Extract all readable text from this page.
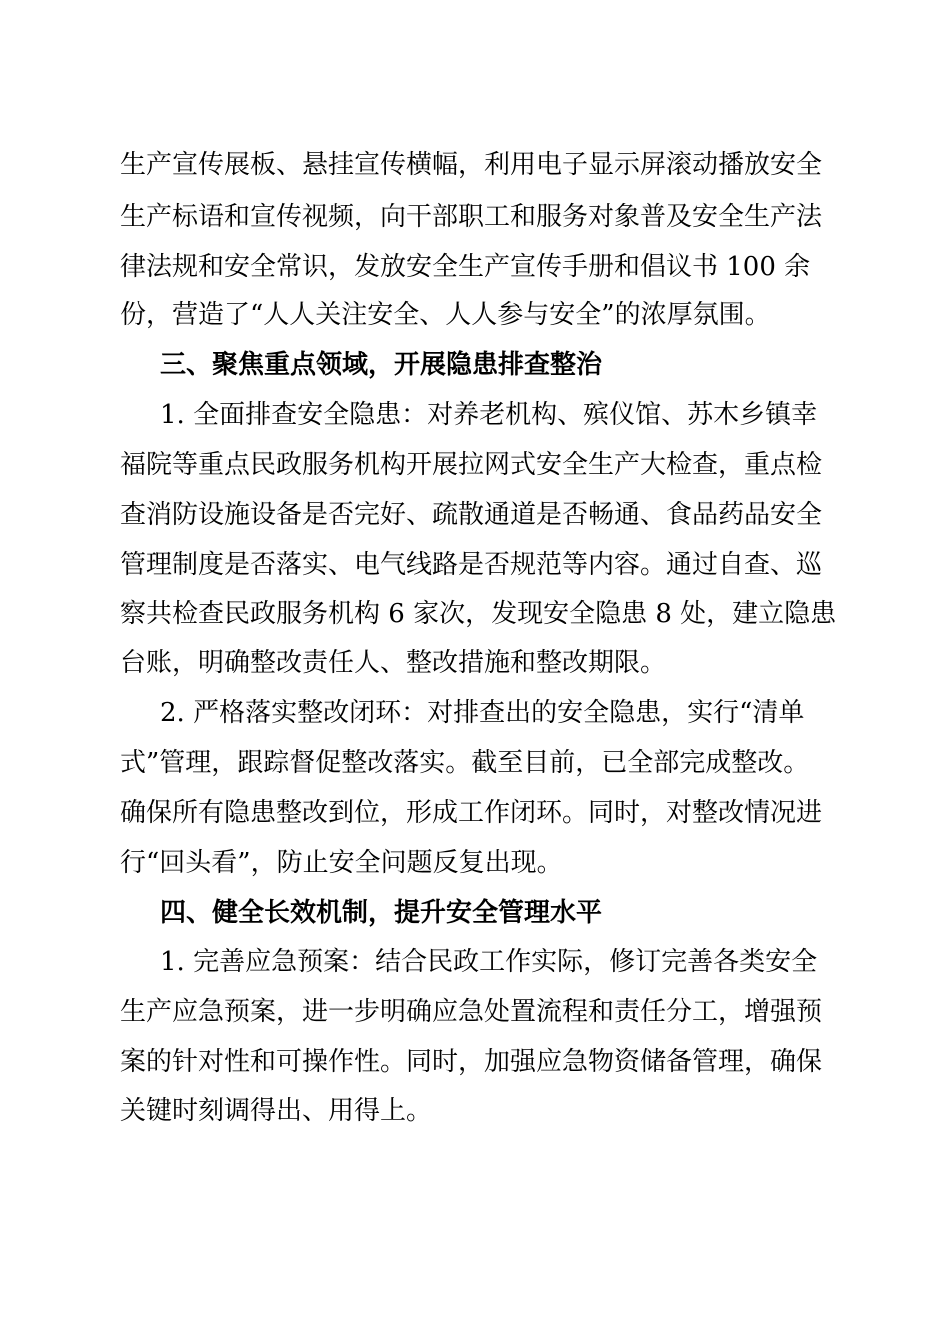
生产宣传展板、悬挂宣传横幅，利用电子显示屏滚动播放安全
生产标语和宣传视频，向干部职工和服务对象普及安全生产法
律法规和安全常识，发放安全生产宣传手册和倡议书 100 余
份，营造了“人人关注安全、人人参与安全”的浓厚氛围。
三、聚焦重点领域，开展隐患排查整治
1. 全面排查安全隐患：对养老机构、殡仪馆、苏木乡镇幸
福院等重点民政服务机构开展拉网式安全生产大检查，重点检
查消防设施设备是否完好、疏散通道是否畅通、食品药品安全
管理制度是否落实、电气线路是否规范等内容。通过自查、巡
察共检查民政服务机构 6 家次，发现安全隐患 8 处，建立隐患
台账，明确整改责任人、整改措施和整改期限。
2. 严格落实整改闭环：对排查出的安全隐患，实行“清单
式”管理，跟踪督促整改落实。截至目前，已全部完成整改。
确保所有隐患整改到位，形成工作闭环。同时，对整改情况进
行“回头看”，防止安全问题反复出现。
四、健全长效机制，提升安全管理水平
1. 完善应急预案：结合民政工作实际，修订完善各类安全
生产应急预案，进一步明确应急处置流程和责任分工，增强预
案的针对性和可操作性。同时，加强应急物资储备管理，确保
关键时刻调得出、用得上。
